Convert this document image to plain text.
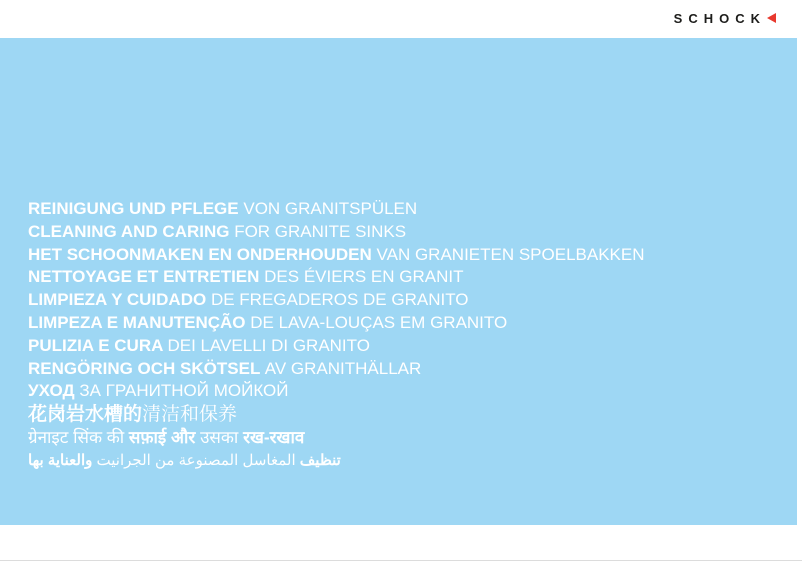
SCHOCK
REINIGUNG UND PFLEGE VON GRANITSPÜLEN
CLEANING AND CARING FOR GRANITE SINKS
HET SCHOONMAKEN EN ONDERHOUDEN VAN GRANIETEN SPOELBAKKEN
NETTOYAGE ET ENTRETIEN DES ÉVIERS EN GRANIT
LIMPIEZA Y CUIDADO DE FREGADEROS DE GRANITO
LIMPEZA E MANUTENÇÃO DE LAVA-LOUÇAS EM GRANITO
PULIZIA E CURA DEI LAVELLI DI GRANITO
RENGÖRING OCH SKÖTSEL AV GRANITHÄLLAR
УХОД ЗА ГРАНИТНОЙ МОЙКОЙ
花岗岩水槽的清洁和保养
ग्रेनाइट सिंक की सफ़ाई और उसका रख-रखाव
تنظيف المغاسل المصنوعة من الجرانيت والعناية بها
